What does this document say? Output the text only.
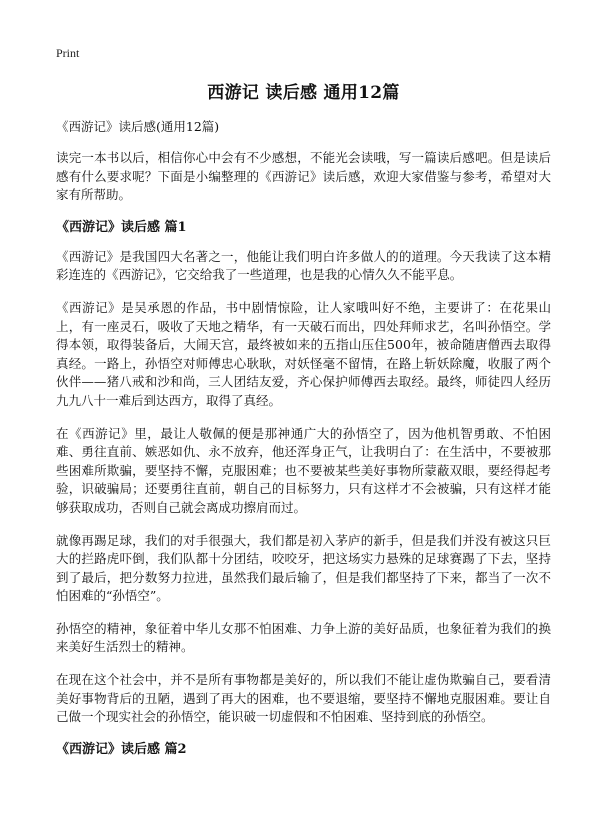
Print
西游记 读后感 通用12篇
《西游记》读后感(通用12篇)

读完一本书以后，相信你心中会有不少感想，不能光会读哦，写一篇读后感吧。但是读后感有什么要求呢？下面是小编整理的《西游记》读后感，欢迎大家借鉴与参考，希望对大家有所帮助。

《西游记》读后感 篇1

《西游记》是我国四大名著之一，他能让我们明白许多做人的的道理。今天我读了这本精彩连连的《西游记》，它交给我了一些道理，也是我的心情久久不能平息。

《西游记》是吴承恩的作品，书中剧情惊险，让人家哦叫好不绝，主要讲了：在花果山上，有一座灵石，吸收了天地之精华，有一天破石而出，四处拜师求艺，名叫孙悟空。学得本领，取得装备后，大闹天宫，最终被如来的五指山压住500年，被命随唐僧西去取得真经。一路上，孙悟空对师傅忠心耿耿，对妖怪毫不留情，在路上斩妖除魔，收服了两个伙伴——猪八戒和沙和尚，三人团结友爱，齐心保护师傅西去取经。最终，师徒四人经历九九八十一难后到达西方，取得了真经。

在《西游记》里，最让人敬佩的便是那神通广大的孙悟空了，因为他机智勇敢、不怕困难、勇往直前、嫉恶如仇、永不放弃，他还浑身正气，让我明白了：在生活中，不要被那些困难所欺骗，要坚持不懈，克服困难；也不要被某些美好事物所蒙蔽双眼，要经得起考验，识破骗局；还要勇往直前，朝自己的目标努力，只有这样才不会被骗，只有这样才能够获取成功，否则自己就会离成功擦肩而过。

就像再踢足球，我们的对手很强大，我们都是初入茅庐的新手，但是我们并没有被这只巨大的拦路虎吓倒，我们队都十分团结，咬咬牙，把这场实力悬殊的足球赛踢了下去，坚持到了最后，把分数努力拉进，虽然我们最后输了，但是我们都坚持了下来，都当了一次不怕困难的“孙悟空”。

孙悟空的精神，象征着中华儿女那不怕困难、力争上游的美好品质，也象征着为我们的换来美好生活烈士的精神。

在现在这个社会中，并不是所有事物都是美好的，所以我们不能让虚伪欺骗自己，要看清美好事物背后的丑陋，遇到了再大的困难，也不要退缩，要坚持不懈地克服困难。要让自己做一个现实社会的孙悟空，能识破一切虚假和不怕困难、坚持到底的孙悟空。

《西游记》读后感 篇2
